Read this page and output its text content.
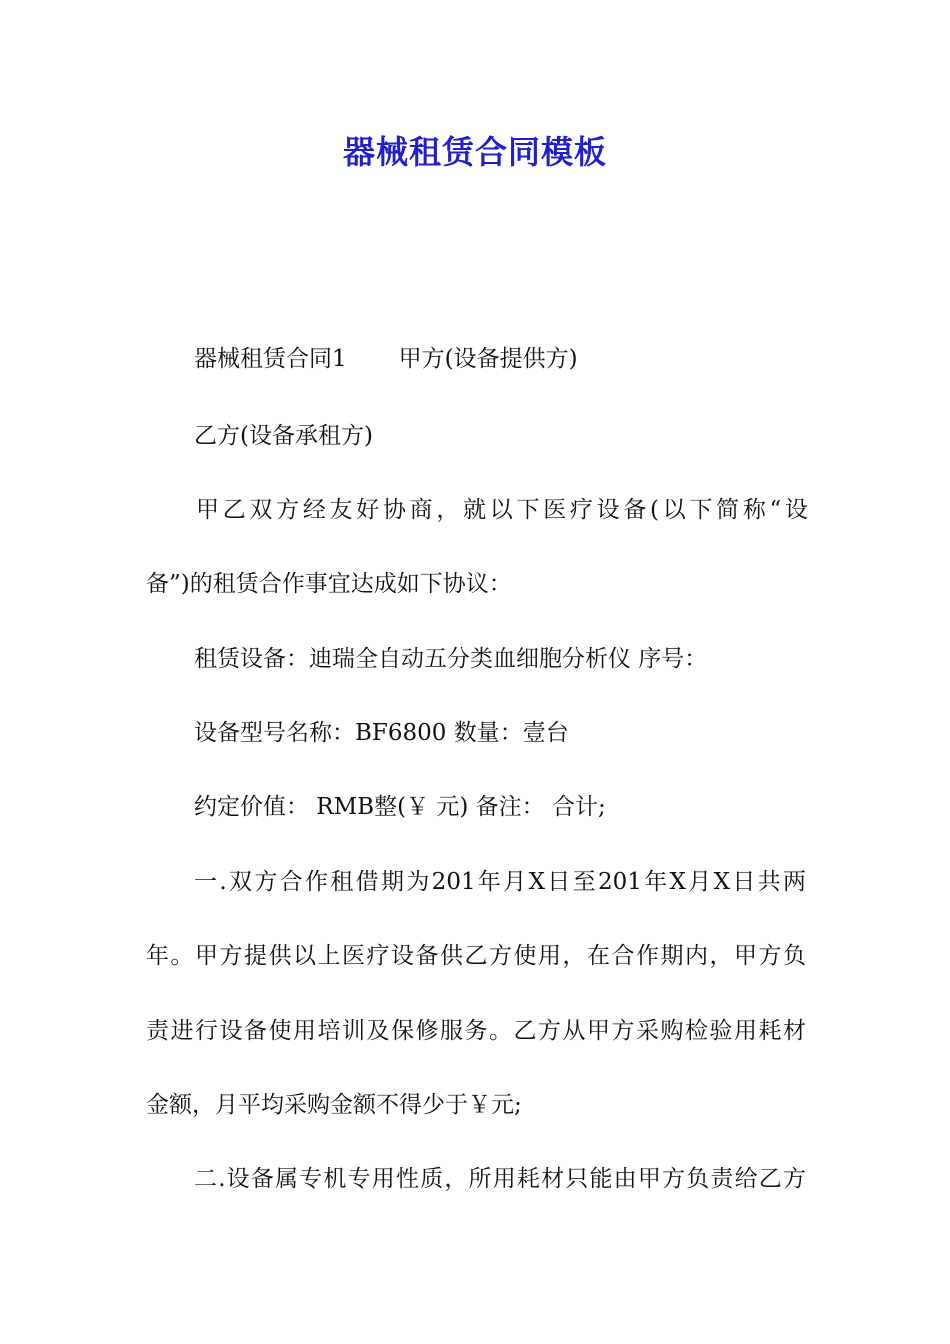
器械租赁合同模板
器械租赁合同1 甲方(设备提供方)
乙方(设备承租方)
甲乙双方经友好协商，就以下医疗设备(以下简称“设
备”)的租赁合作事宜达成如下协议：
租赁设备：迪瑞全自动五分类血细胞分析仪 序号：
设备型号名称：BF6800 数量：壹台
约定价值： RMB整(￥ 元) 备注： 合计;
一.双方合作租借期为201年月X日至201年X月X日共两
年。甲方提供以上医疗设备供乙方使用，在合作期内，甲方负
责进行设备使用培训及保修服务。乙方从甲方采购检验用耗材
金额，月平均采购金额不得少于￥元;
二.设备属专机专用性质，所用耗材只能由甲方负责给乙方
